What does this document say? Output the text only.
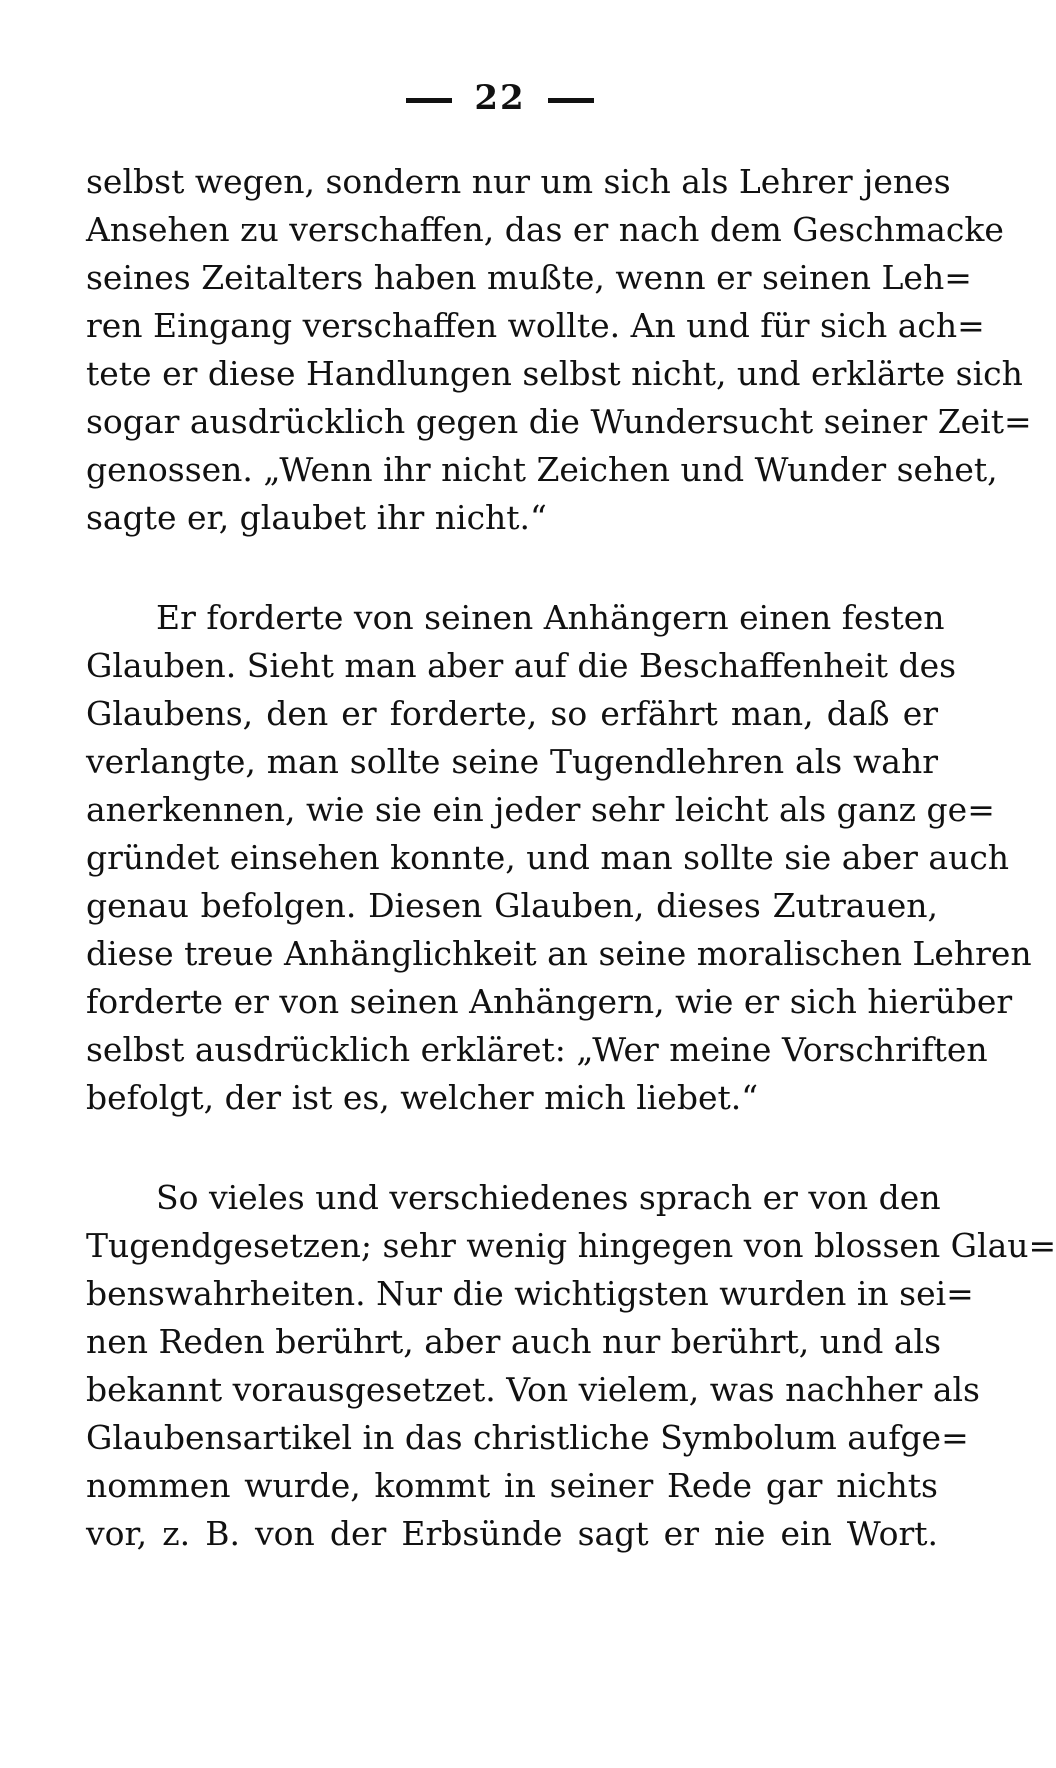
22
selbst wegen, sondern nur um sich als Lehrer jenes
Ansehen zu verschaffen, das er nach dem Geschmacke
seines Zeitalters haben mußte, wenn er seinen Leh=
ren Eingang verschaffen wollte. An und für sich ach=
tete er diese Handlungen selbst nicht, und erklärte sich
sogar ausdrücklich gegen die Wundersucht seiner Zeit=
genossen. „Wenn ihr nicht Zeichen und Wunder sehet,
sagte er, glaubet ihr nicht.“
Er forderte von seinen Anhängern einen festen
Glauben. Sieht man aber auf die Beschaffenheit des
Glaubens, den er forderte, so erfährt man, daß er
verlangte, man sollte seine Tugendlehren als wahr
anerkennen, wie sie ein jeder sehr leicht als ganz ge=
gründet einsehen konnte, und man sollte sie aber auch
genau befolgen. Diesen Glauben, dieses Zutrauen,
diese treue Anhänglichkeit an seine moralischen Lehren
forderte er von seinen Anhängern, wie er sich hierüber
selbst ausdrücklich erkläret: „Wer meine Vorschriften
befolgt, der ist es, welcher mich liebet.“
So vieles und verschiedenes sprach er von den
Tugendgesetzen; sehr wenig hingegen von blossen Glau=
benswahrheiten. Nur die wichtigsten wurden in sei=
nen Reden berührt, aber auch nur berührt, und als
bekannt vorausgesetzet. Von vielem, was nachher als
Glaubensartikel in das christliche Symbolum aufge=
nommen wurde, kommt in seiner Rede gar nichts
vor, z. B. von der Erbsünde sagt er nie ein Wort.
